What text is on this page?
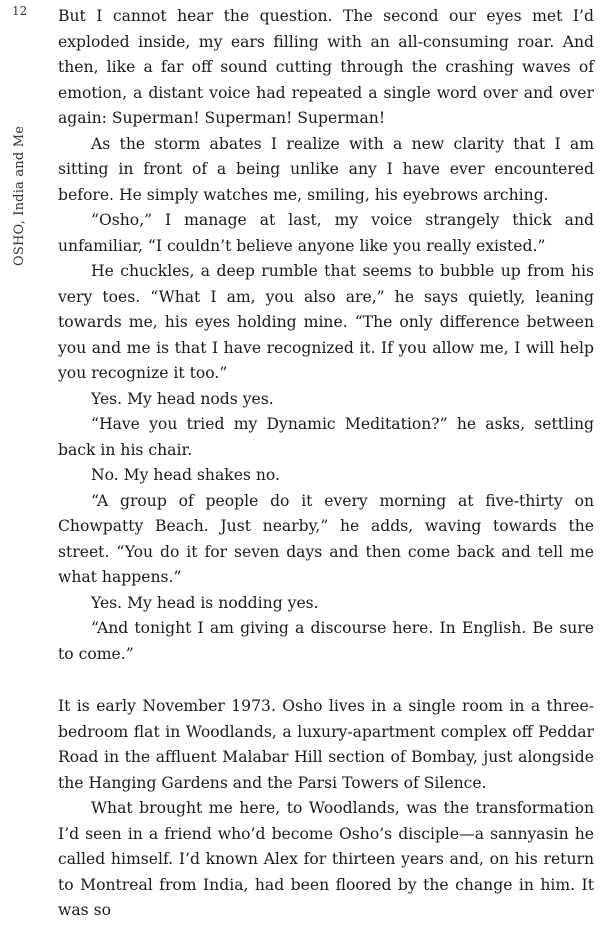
12
OSHO, India and Me

But I cannot hear the question. The second our eyes met I’d exploded inside, my ears filling with an all-consuming roar. And then, like a far off sound cutting through the crashing waves of emotion, a distant voice had repeated a single word over and over again: Superman! Superman! Superman!

As the storm abates I realize with a new clarity that I am sitting in front of a being unlike any I have ever encountered before. He simply watches me, smiling, his eyebrows arching.

“Osho,” I manage at last, my voice strangely thick and unfamiliar, “I couldn’t believe anyone like you really existed.”

He chuckles, a deep rumble that seems to bubble up from his very toes. “What I am, you also are,” he says quietly, leaning towards me, his eyes holding mine. “The only difference between you and me is that I have recognized it. If you allow me, I will help you recognize it too.”

Yes. My head nods yes.

“Have you tried my Dynamic Meditation?” he asks, settling back in his chair.

No. My head shakes no.

“A group of people do it every morning at five-thirty on Chowpatty Beach. Just nearby,” he adds, waving towards the street. “You do it for seven days and then come back and tell me what happens.”

Yes. My head is nodding yes.

“And tonight I am giving a discourse here. In English. Be sure to come.”

It is early November 1973. Osho lives in a single room in a three-bedroom flat in Woodlands, a luxury-apartment complex off Peddar Road in the affluent Malabar Hill section of Bombay, just alongside the Hanging Gardens and the Parsi Towers of Silence.

What brought me here, to Woodlands, was the transformation I’d seen in a friend who’d become Osho’s disciple—a sannyasin he called himself. I’d known Alex for thirteen years and, on his return to Montreal from India, had been floored by the change in him. It was so
